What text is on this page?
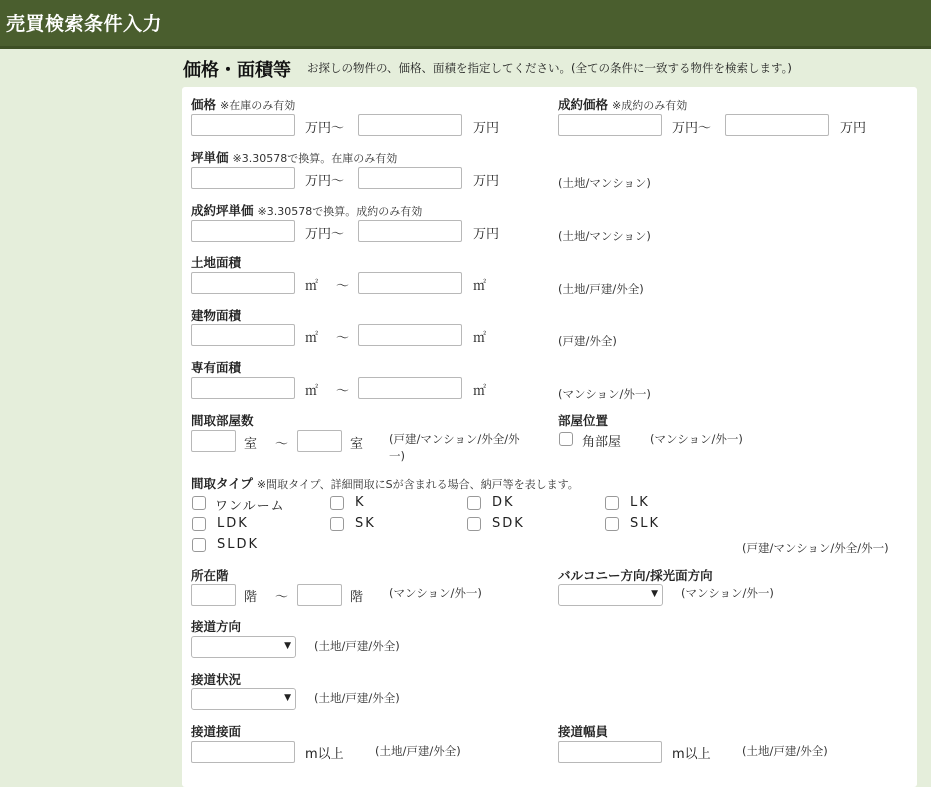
売買検索条件入力
価格・面積等 お探しの物件の、価格、面積を指定してください。(全ての条件に一致する物件を検索します。)
価格 ※在庫のみ有効
万円〜	万円
成約価格 ※成約のみ有効
万円〜	万円
坪単価 ※3.30578で換算。在庫のみ有効
万円〜	万円	(土地/マンション)
成約坪単価 ※3.30578で換算。成約のみ有効
万円〜	万円	(土地/マンション)
土地面積
㎡ 〜	㎡	(土地/戸建/外全)
建物面積
㎡ 〜	㎡	(戸建/外全)
専有面積
㎡ 〜	㎡	(マンション/外一)
間取部屋数
室 〜	室 (戸建/マンション/外全/外
一)
部屋位置
角部屋	(マンション/外一)
間取タイプ ※間取タイプ、詳細間取にSが含まれる場合、納戸等を表します。
ワンルーム	K	DK	LK
LDK	SK	SDK	SLK
SLDK	(戸建/マンション/外全/外一)
所在階
階 〜	階 (マンション/外一)
バルコニー方向/採光面方向
▼ (マンション/外一)
接道方向
▼ (土地/戸建/外全)
接道状況
▼ (土地/戸建/外全)
接道接面
m以上	(土地/戸建/外全)
接道幅員
m以上	(土地/戸建/外全)
